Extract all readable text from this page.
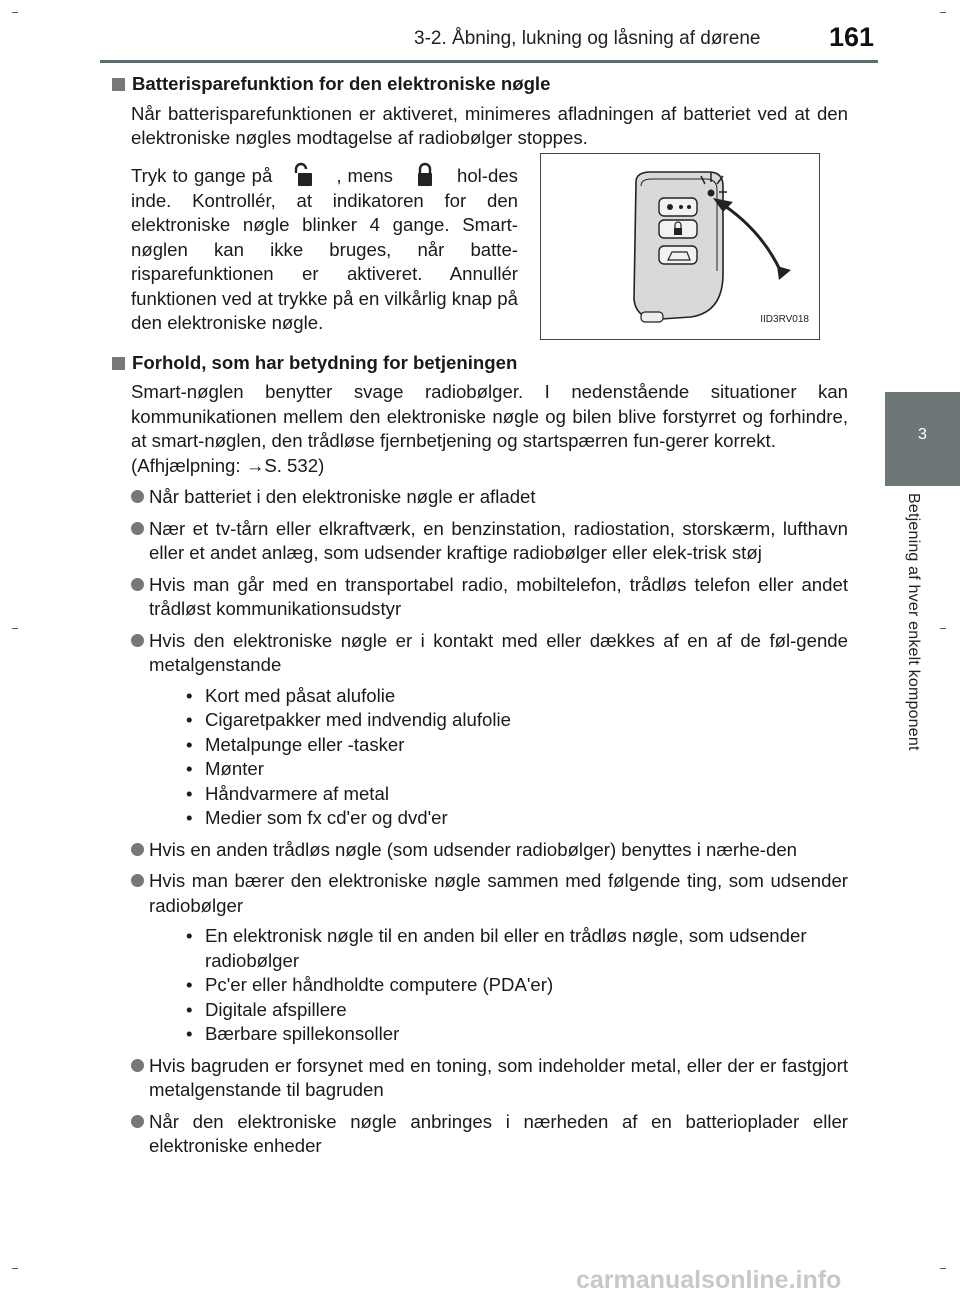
3-2. Åbning, lukning og låsning af dørene	161
3
Betjening af hver enkelt komponent
Batterisparefunktion for den elektroniske nøgle
Når batterisparefunktionen er aktiveret, minimeres afladningen af batteriet ved at den elektroniske nøgles modtagelse af radiobølger stoppes.
Tryk to gange på	, mens	hol-des inde. Kontrollér, at indikatoren for den elektroniske nøgle blinker 4 gange. Smart-nøglen kan ikke bruges, når batte-risparefunktionen er aktiveret. Annullér funktionen ved at trykke på en vilkårlig knap på den elektroniske nøgle.	IID3RV018
Forhold, som har betydning for betjeningen
Smart-nøglen benytter svage radiobølger. I nedenstående situationer kan kommunikationen mellem den elektroniske nøgle og bilen blive forstyrret og forhindre, at smart-nøglen, den trådløse fjernbetjening og startspærren fun-gerer korrekt.
(Afhjælpning: →S. 532)
Når batteriet i den elektroniske nøgle er afladet
Nær et tv-tårn eller elkraftværk, en benzinstation, radiostation, storskærm, lufthavn eller et andet anlæg, som udsender kraftige radiobølger eller elek-trisk støj
Hvis man går med en transportabel radio, mobiltelefon, trådløs telefon eller andet trådløst kommunikationsudstyr
Hvis den elektroniske nøgle er i kontakt med eller dækkes af en af de føl-gende metalgenstande
• Kort med påsat alufolie
• Cigaretpakker med indvendig alufolie
• Metalpunge eller -tasker
• Mønter
• Håndvarmere af metal
• Medier som fx cd'er og dvd'er
Hvis en anden trådløs nøgle (som udsender radiobølger) benyttes i nærhe-den
Hvis man bærer den elektroniske nøgle sammen med følgende ting, som udsender radiobølger
• En elektronisk nøgle til en anden bil eller en trådløs nøgle, som udsender radiobølger
• Pc'er eller håndholdte computere (PDA'er)
• Digitale afspillere
• Bærbare spillekonsoller
Hvis bagruden er forsynet med en toning, som indeholder metal, eller der er fastgjort metalgenstande til bagruden
Når den elektroniske nøgle anbringes i nærheden af en batterioplader eller elektroniske enheder
carmanualsonline.info
